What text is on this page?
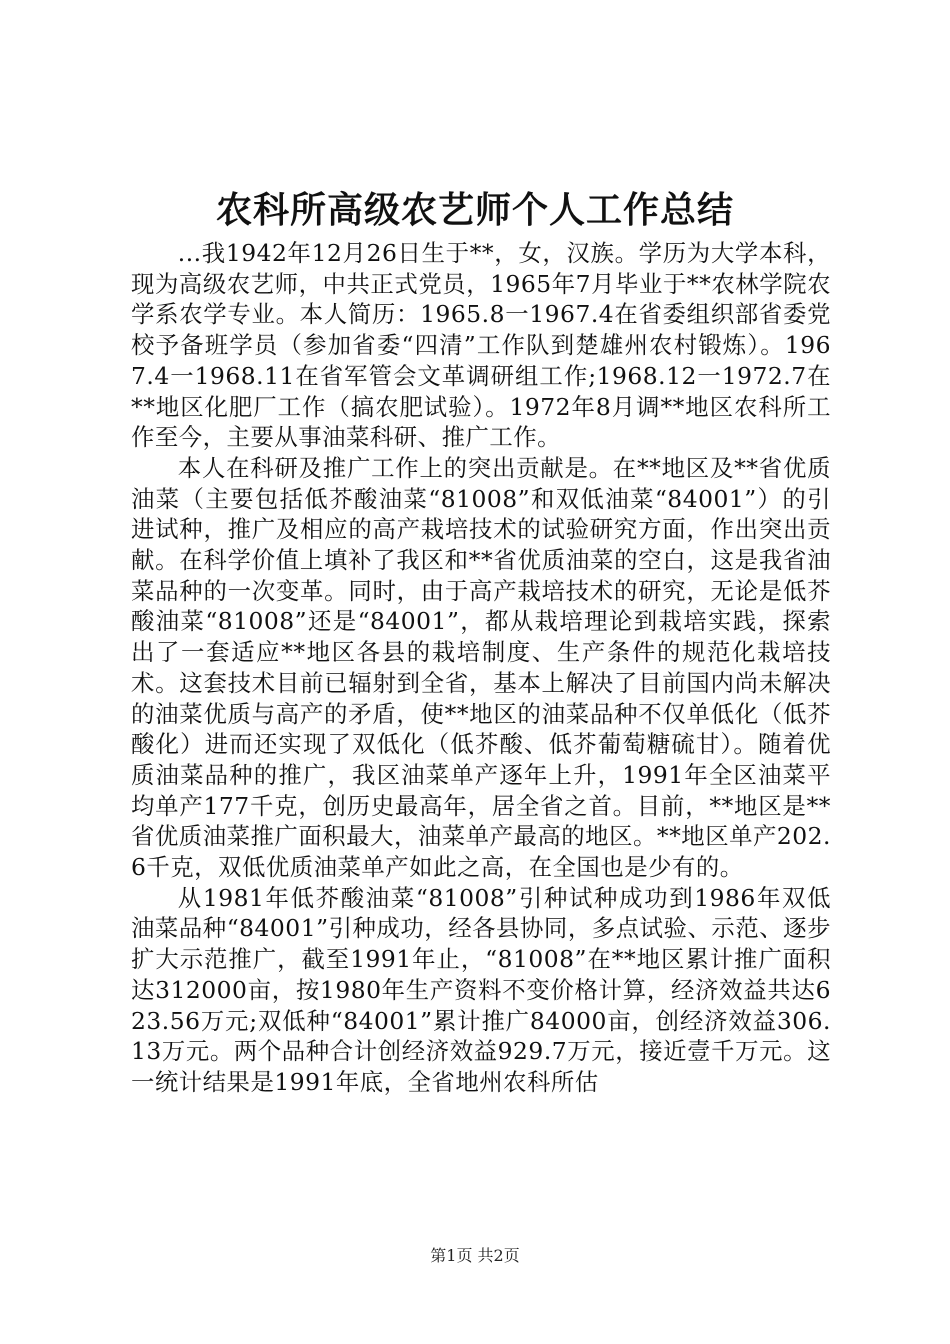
农科所高级农艺师个人工作总结

...我1942年12月26日生于**，女，汉族。学历为大学本科，现为高级农艺师，中共正式党员，1965年7月毕业于**农林学院农学系农学专业。本人简历：1965.8一1967.4在省委组织部省委党校予备班学员（参加省委“四清”工作队到楚雄州农村锻炼）。1967.4一1968.11在省军管会文革调研组工作;1968.12一1972.7在**地区化肥厂工作（搞农肥试验）。1972年8月调**地区农科所工作至今，主要从事油菜科研、推广工作。

本人在科研及推广工作上的突出贡献是。在**地区及**省优质油菜（主要包括低芥酸油菜“81008”和双低油菜“84001”）的引进试种，推广及相应的高产栽培技术的试验研究方面，作出突出贡献。在科学价值上填补了我区和**省优质油菜的空白，这是我省油菜品种的一次变革。同时，由于高产栽培技术的研究，无论是低芥酸油菜“81008”还是“84001”，都从栽培理论到栽培实践，探索出了一套适应**地区各县的栽培制度、生产条件的规范化栽培技术。这套技术目前已辐射到全省，基本上解决了目前国内尚未解决的油菜优质与高产的矛盾，使**地区的油菜品种不仅单低化（低芥酸化）进而还实现了双低化（低芥酸、低芥葡萄糖硫甘）。随着优质油菜品种的推广，我区油菜单产逐年上升，1991年全区油菜平均单产177千克，创历史最高年，居全省之首。目前，**地区是**省优质油菜推广面积最大，油菜单产最高的地区。**地区单产202.6千克，双低优质油菜单产如此之高，在全国也是少有的。

从1981年低芥酸油菜“81008”引种试种成功到1986年双低油菜品种“84001”引种成功，经各县协同，多点试验、示范、逐步扩大示范推广，截至1991年止，“81008”在**地区累计推广面积达312000亩，按1980年生产资料不变价格计算，经济效益共达623.56万元;双低种“84001”累计推广84000亩，创经济效益306.13万元。两个品种合计创经济效益929.7万元，接近壹千万元。这一统计结果是1991年底，全省地州农科所估

第1页 共2页
